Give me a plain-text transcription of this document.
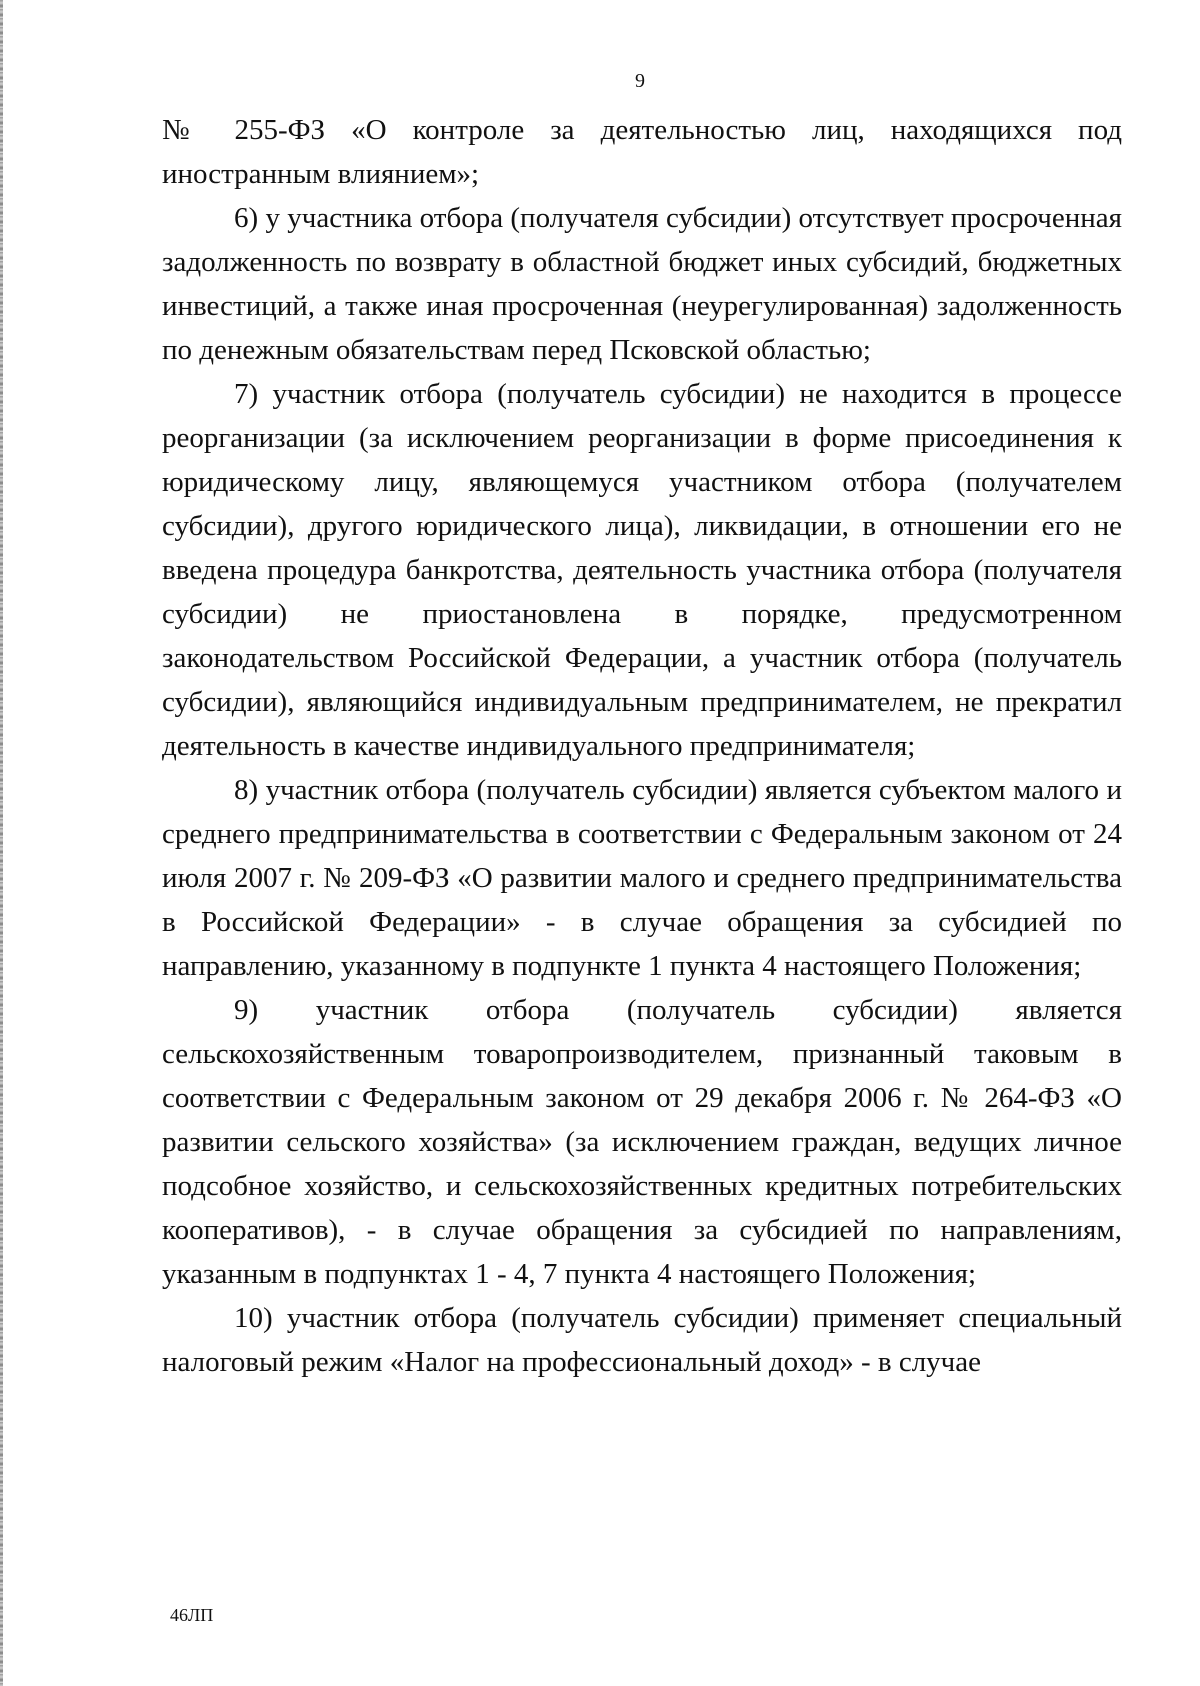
9

№ 255-ФЗ «О контроле за деятельностью лиц, находящихся под иностранным влиянием»;

6) у участника отбора (получателя субсидии) отсутствует просроченная задолженность по возврату в областной бюджет иных субсидий, бюджетных инвестиций, а также иная просроченная (неурегулированная) задолженность по денежным обязательствам перед Псковской областью;

7) участник отбора (получатель субсидии) не находится в процессе реорганизации (за исключением реорганизации в форме присоединения к юридическому лицу, являющемуся участником отбора (получателем субсидии), другого юридического лица), ликвидации, в отношении его не введена процедура банкротства, деятельность участника отбора (получателя субсидии) не приостановлена в порядке, предусмотренном законодательством Российской Федерации, а участник отбора (получатель субсидии), являющийся индивидуальным предпринимателем, не прекратил деятельность в качестве индивидуального предпринимателя;

8) участник отбора (получатель субсидии) является субъектом малого и среднего предпринимательства в соответствии с Федеральным законом от 24 июля 2007 г. № 209-ФЗ «О развитии малого и среднего предпринимательства в Российской Федерации» - в случае обращения за субсидией по направлению, указанному в подпункте 1 пункта 4 настоящего Положения;

9) участник отбора (получатель субсидии) является сельскохозяйственным товаропроизводителем, признанный таковым в соответствии с Федеральным законом от 29 декабря 2006 г. № 264-ФЗ «О развитии сельского хозяйства» (за исключением граждан, ведущих личное подсобное хозяйство, и сельскохозяйственных кредитных потребительских кооперативов), - в случае обращения за субсидией по направлениям, указанным в подпунктах 1 - 4, 7 пункта 4 настоящего Положения;

10) участник отбора (получатель субсидии) применяет специальный налоговый режим «Налог на профессиональный доход» - в случае

46ЛП
